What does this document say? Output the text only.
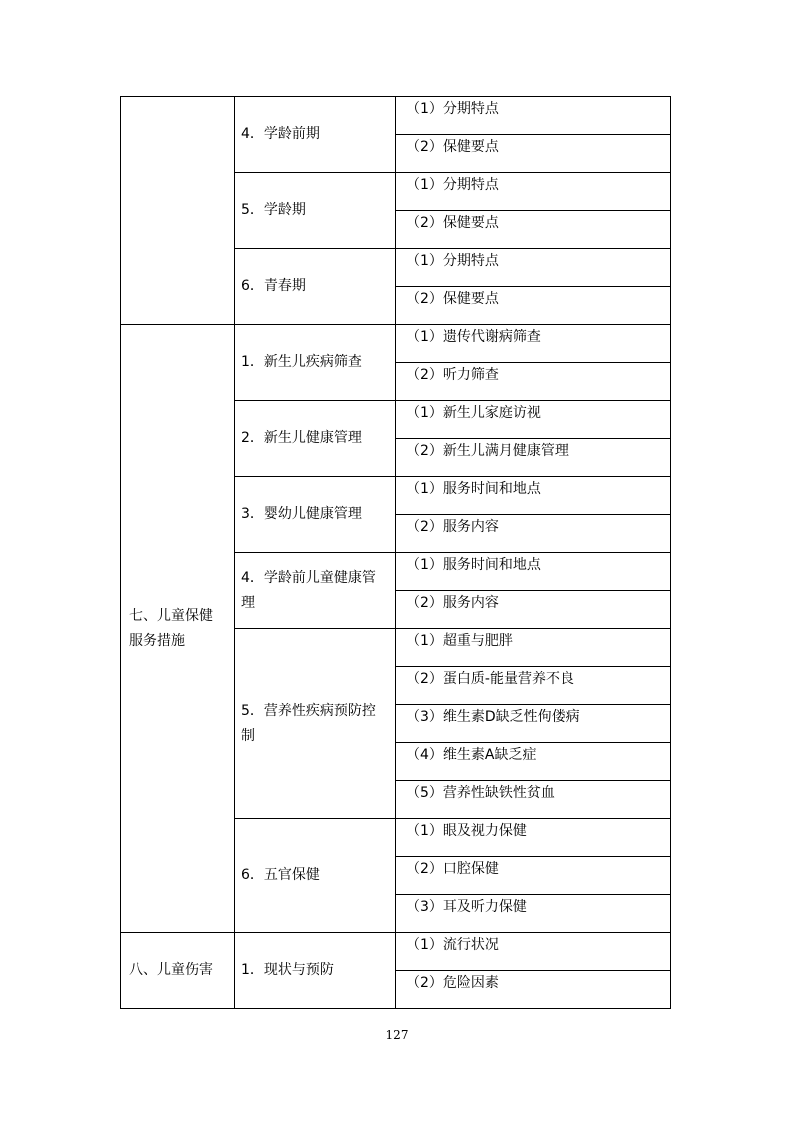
	4．学龄前期	（1）分期特点
		（2）保健要点
	5．学龄期	（1）分期特点
		（2）保健要点
	6．青春期	（1）分期特点
		（2）保健要点
七、儿童保健服务措施	1．新生儿疾病筛查	（1）遗传代谢病筛查
		（2）听力筛查
	2．新生儿健康管理	（1）新生儿家庭访视
		（2）新生儿满月健康管理
	3．婴幼儿健康管理	（1）服务时间和地点
		（2）服务内容
	4．学龄前儿童健康管理	（1）服务时间和地点
		（2）服务内容
	5．营养性疾病预防控制	（1）超重与肥胖
		（2）蛋白质-能量营养不良
		（3）维生素D缺乏性佝偻病
		（4）维生素A缺乏症
		（5）营养性缺铁性贫血
	6．五官保健	（1）眼及视力保健
		（2）口腔保健
		（3）耳及听力保健
八、儿童伤害	1．现状与预防	（1）流行状况
		（2）危险因素
127
